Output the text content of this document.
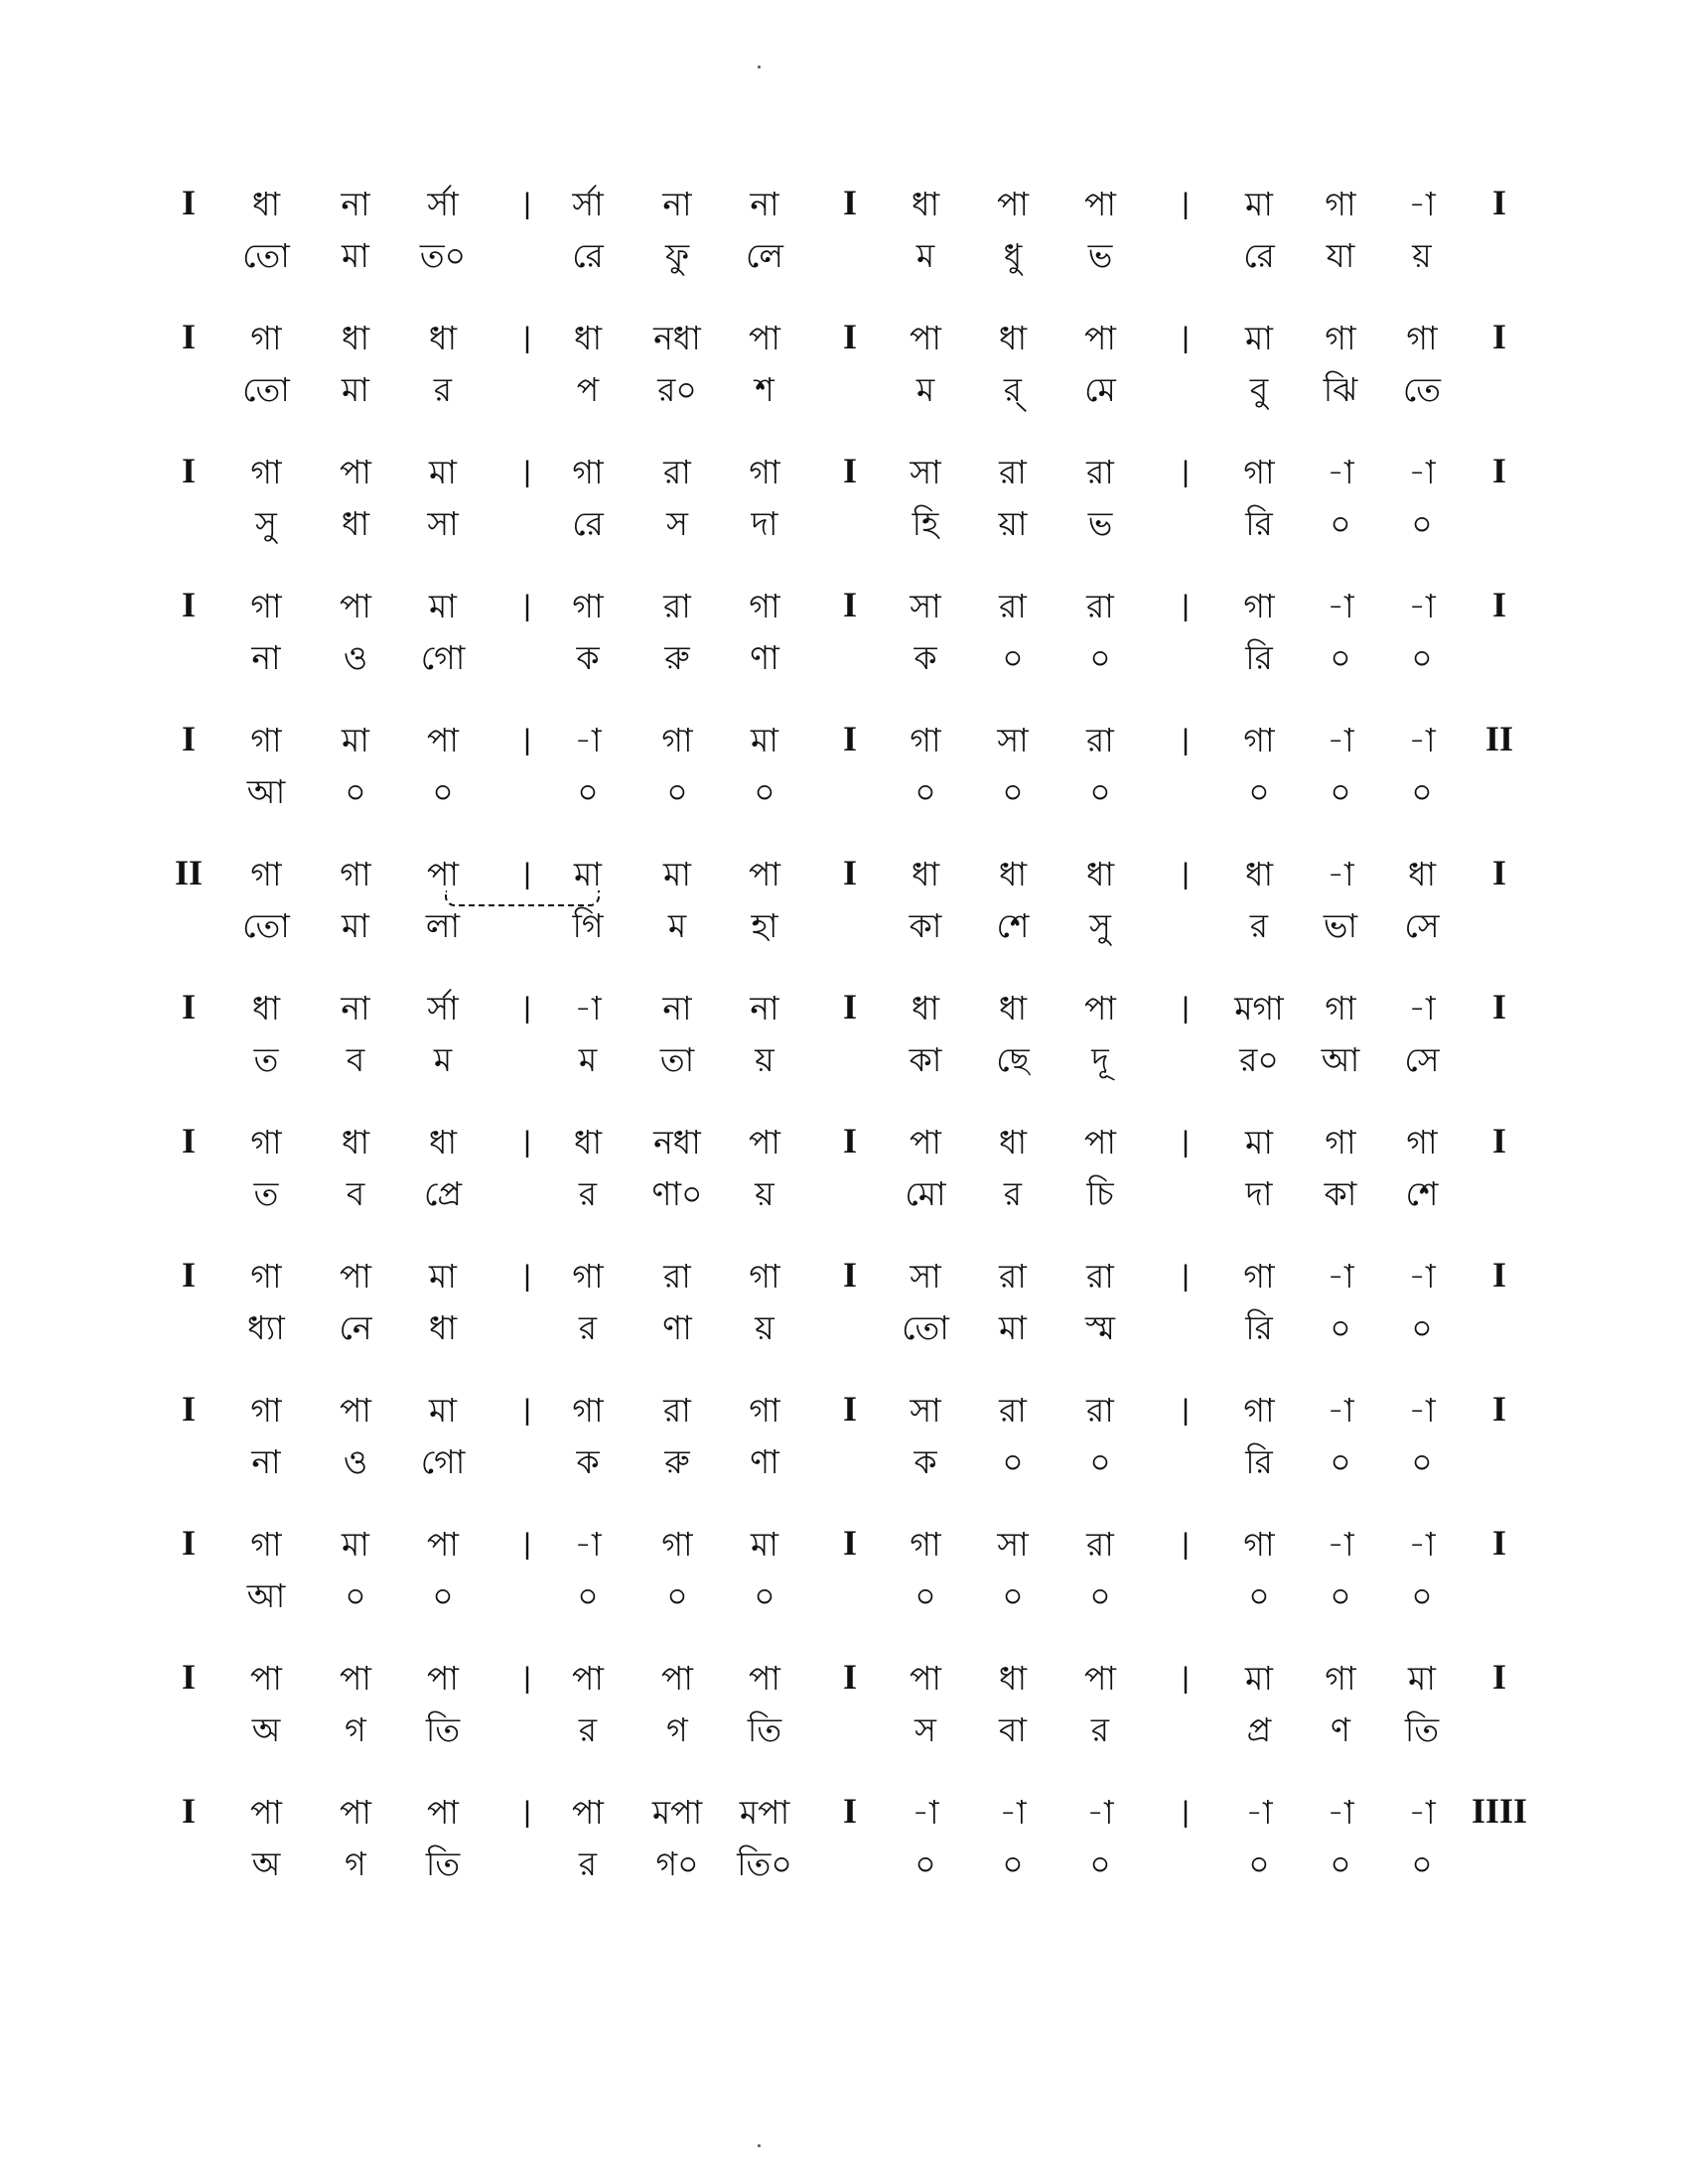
I	I	I
|	|
ধা	না	র্সা	র্সা	না	না	ধা	পা	পা	মা	গা	-া
তো	মা	ত০	রে	ফু	লে	ম	ধু	ভ	রে	যা	য়
I	I	I
|	|
গা	ধা	ধা	ধা	নধা	পা	পা	ধা	পা	মা	গা	গা
তো	মা	র	প	র০	শ	ম	র্	মে	বু	ঝি	তে
I	I	I
|	|
গা	পা	মা	গা	রা	গা	সা	রা	রা	গা	-া	-া
সু	ধা	সা	রে	স	দা	হি	য়া	ভ	রি	০	০
I	I	I
|	|
গা	পা	মা	গা	রা	গা	সা	রা	রা	গা	-া	-া
না	ও	গো	ক	রু	ণা	ক	০	০	রি	০	০
I	I	II
|	|
গা	মা	পা	-া	গা	মা	গা	সা	রা	গা	-া	-া
আ	০	০	০	০	০	০	০	০	০	০	০
II	I	I
|	|
গা	গা	পা	মা	মা	পা	ধা	ধা	ধা	ধা	-া	ধা
তো	মা	লা	গি	ম	হা	কা	শে	সু	র	ভা	সে
I	I	I
|	|
ধা	না	র্সা	-া	না	না	ধা	ধা	পা	মগা	গা	-া
ত	ব	ম	ম	তা	য়	কা	ছে	দূ	র০	আ	সে
I	I	I
|	|
গা	ধা	ধা	ধা	নধা	পা	পা	ধা	পা	মা	গা	গা
ত	ব	প্রে	র	ণা০	য়	মো	র	চি	দা	কা	শে
I	I	I
|	|
গা	পা	মা	গা	রা	গা	সা	রা	রা	গা	-া	-া
ধ্যা	নে	ধা	র	ণা	য়	তো	মা	স্ম	রি	০	০
I	I	I
|	|
গা	পা	মা	গা	রা	গা	সা	রা	রা	গা	-া	-া
না	ও	গো	ক	রু	ণা	ক	০	০	রি	০	০
I	I	I
|	|
গা	মা	পা	-া	গা	মা	গা	সা	রা	গা	-া	-া
আ	০	০	০	০	০	০	০	০	০	০	০
I	I	I
|	|
পা	পা	পা	পা	পা	পা	পা	ধা	পা	মা	গা	মা
অ	গ	তি	র	গ	তি	স	বা	র	প্র	ণ	তি
I	I	IIII
|	|
পা	পা	পা	পা	মপা	মপা	-া	-া	-া	-া	-া	-া
অ	গ	তি	র	গ০	তি০	০	০	০	০	০	০
